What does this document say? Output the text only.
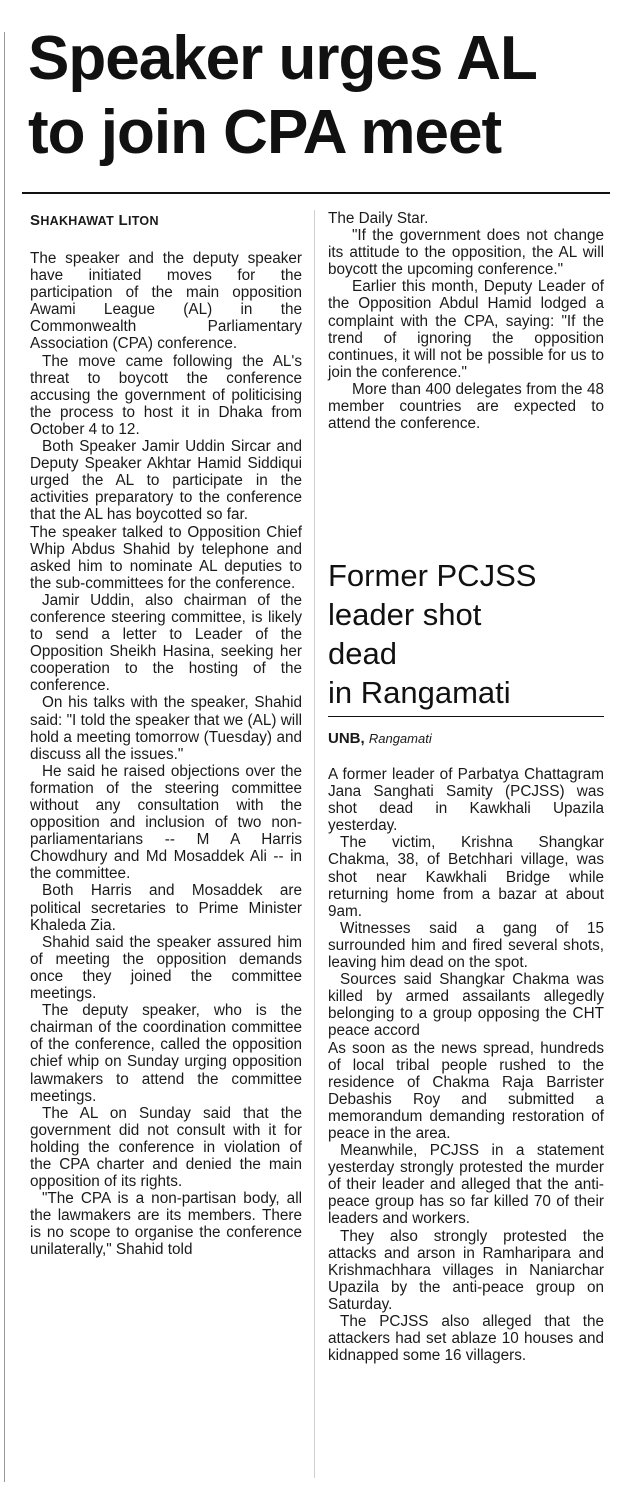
Speaker urges AL
to join CPA meet

SHAKHAWAT LITON

The speaker and the deputy speaker have initiated moves for the participation of the main opposition Awami League (AL) in the Commonwealth Parliamentary Association (CPA) conference.

The move came following the AL's threat to boycott the conference accusing the government of politicising the process to host it in Dhaka from October 4 to 12.

Both Speaker Jamir Uddin Sircar and Deputy Speaker Akhtar Hamid Siddiqui urged the AL to participate in the activities preparatory to the conference that the AL has boycotted so far.

The speaker talked to Opposition Chief Whip Abdus Shahid by telephone and asked him to nominate AL deputies to the sub-committees for the conference.

Jamir Uddin, also chairman of the conference steering committee, is likely to send a letter to Leader of the Opposition Sheikh Hasina, seeking her cooperation to the hosting of the conference.

On his talks with the speaker, Shahid said: "I told the speaker that we (AL) will hold a meeting tomorrow (Tuesday) and discuss all the issues."

He said he raised objections over the formation of the steering committee without any consultation with the opposition and inclusion of two non-parliamentarians -- M A Harris Chowdhury and Md Mosaddek Ali -- in the committee.

Both Harris and Mosaddek are political secretaries to Prime Minister Khaleda Zia.

Shahid said the speaker assured him of meeting the opposition demands once they joined the committee meetings.

The deputy speaker, who is the chairman of the coordination committee of the conference, called the opposition chief whip on Sunday urging opposition lawmakers to attend the committee meetings.

The AL on Sunday said that the government did not consult with it for holding the conference in violation of the CPA charter and denied the main opposition of its rights.

"The CPA is a non-partisan body, all the lawmakers are its members. There is no scope to organise the conference unilaterally," Shahid told

The Daily Star.

"If the government does not change its attitude to the opposition, the AL will boycott the upcoming conference."

Earlier this month, Deputy Leader of the Opposition Abdul Hamid lodged a complaint with the CPA, saying: "If the trend of ignoring the opposition continues, it will not be possible for us to join the conference."

More than 400 delegates from the 48 member countries are expected to attend the conference.

Former PCJSS
leader shot
dead
in Rangamati

UNB, Rangamati

A former leader of Parbatya Chattagram Jana Sanghati Samity (PCJSS) was shot dead in Kawkhali Upazila yesterday.

The victim, Krishna Shangkar Chakma, 38, of Betchhari village, was shot near Kawkhali Bridge while returning home from a bazar at about 9am.

Witnesses said a gang of 15 surrounded him and fired several shots, leaving him dead on the spot.

Sources said Shangkar Chakma was killed by armed assailants allegedly belonging to a group opposing the CHT peace accord

As soon as the news spread, hundreds of local tribal people rushed to the residence of Chakma Raja Barrister Debashis Roy and submitted a memorandum demanding restoration of peace in the area.

Meanwhile, PCJSS in a statement yesterday strongly protested the murder of their leader and alleged that the anti-peace group has so far killed 70 of their leaders and workers.

They also strongly protested the attacks and arson in Ramharipara and Krishmachhara villages in Naniarchar Upazila by the anti-peace group on Saturday.

The PCJSS also alleged that the attackers had set ablaze 10 houses and kidnapped some 16 villagers.
